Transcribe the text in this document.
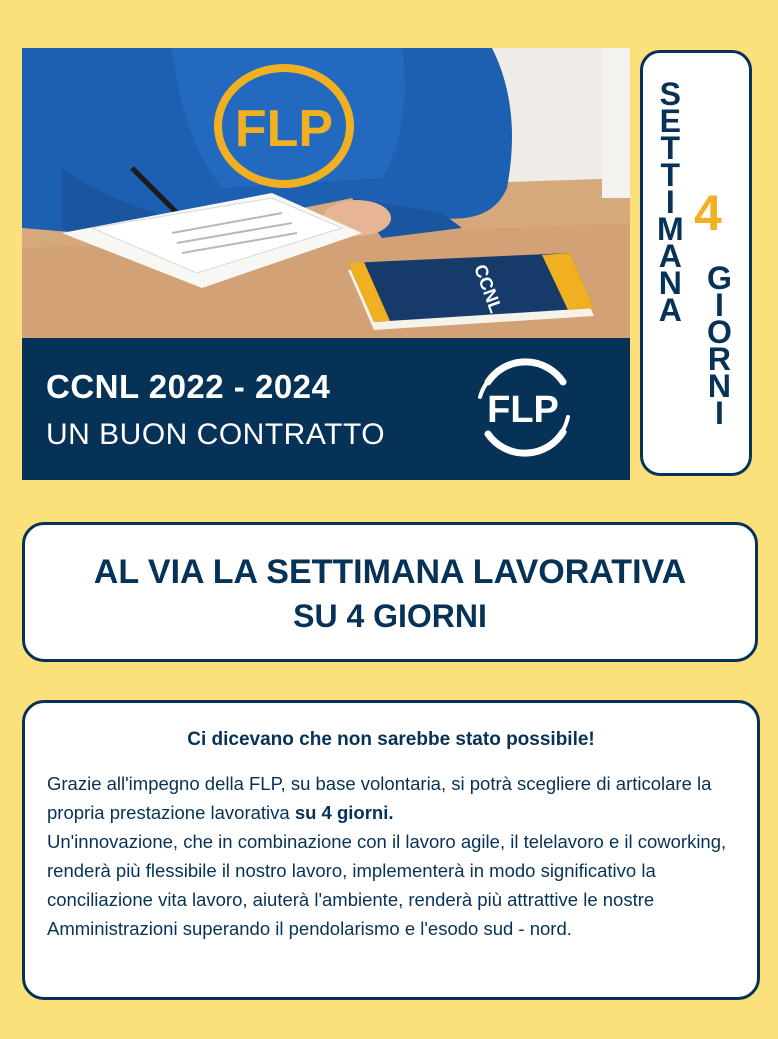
FLP
CCNL
CCNL 2022 - 2024
UN BUON CONTRATTO
FLP
S
E
T
T
I
M
A
N
A
4
G
I
O
R
N
I
AL VIA LA SETTIMANA LAVORATIVA
SU 4 GIORNI
Ci dicevano che non sarebbe stato possibile!
Grazie all'impegno della FLP, su base volontaria, si potrà scegliere di articolare la propria prestazione lavorativa su 4 giorni.
Un'innovazione, che in combinazione con il lavoro agile, il telelavoro e il coworking, renderà più flessibile il nostro lavoro, implementerà in modo significativo la conciliazione vita lavoro, aiuterà l'ambiente, renderà più attrattive le nostre Amministrazioni superando il pendolarismo e l'esodo sud - nord.
